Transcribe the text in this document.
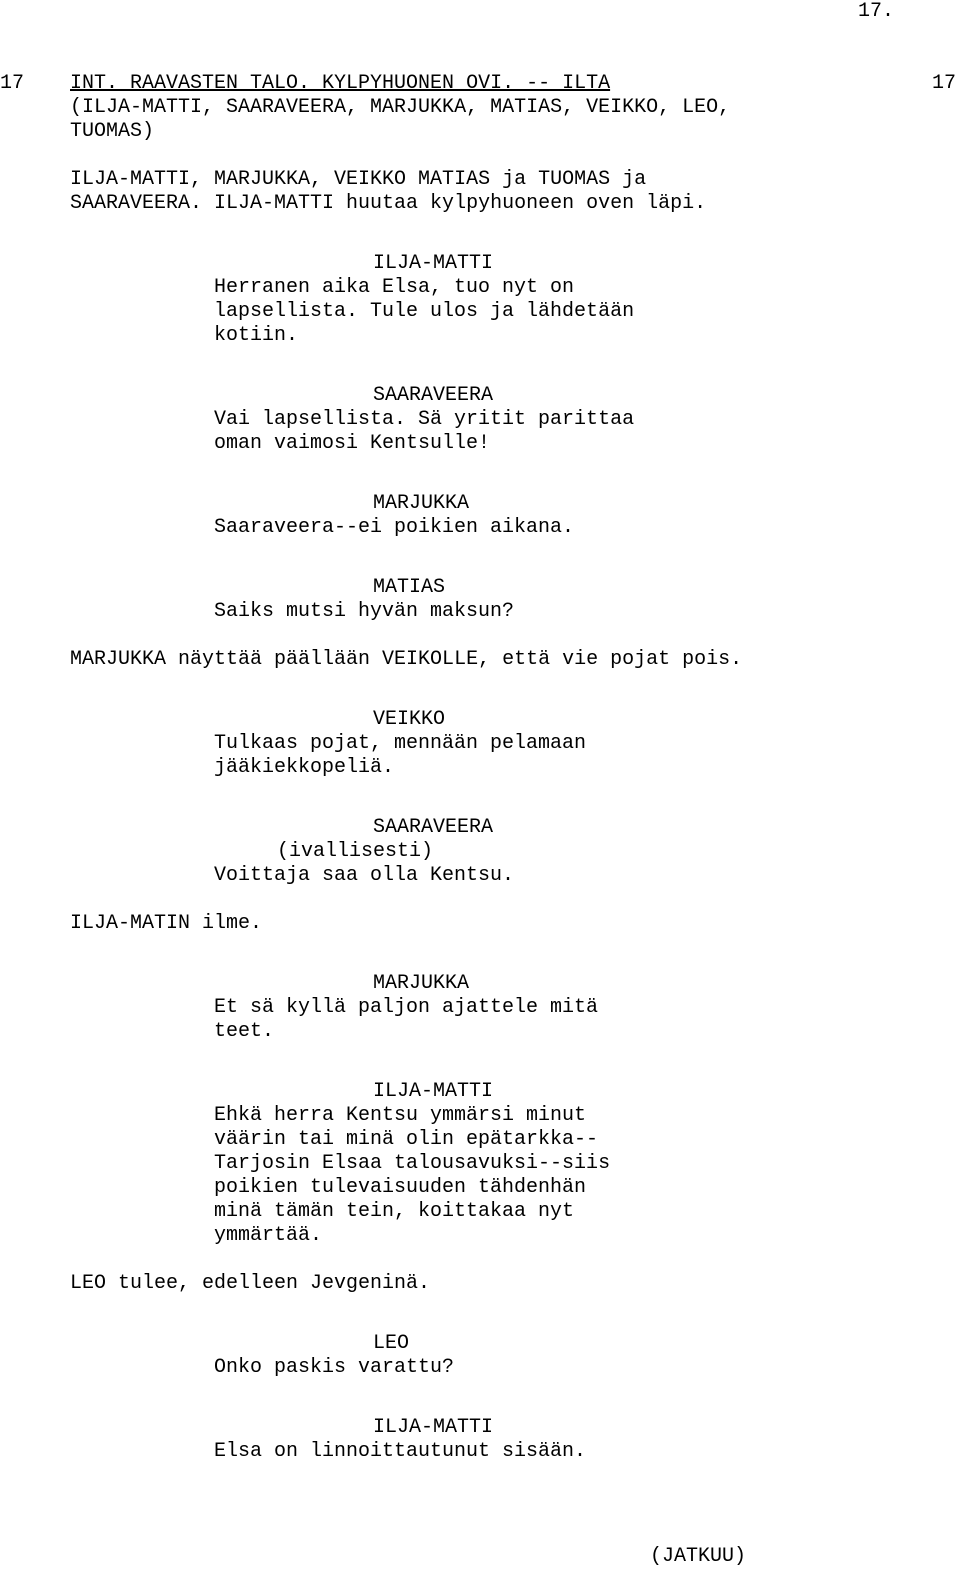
17.
17 INT. RAAVASTEN TALO. KYLPYHUONEN OVI. -- ILTA	17
(ILJA-MATTI, SAARAVEERA, MARJUKKA, MATIAS, VEIKKO, LEO,
TUOMAS)
ILJA-MATTI, MARJUKKA, VEIKKO MATIAS ja TUOMAS ja
SAARAVEERA. ILJA-MATTI huutaa kylpyhuoneen oven läpi.
ILJA-MATTI
Herranen aika Elsa, tuo nyt on
lapsellista. Tule ulos ja lähdetään
kotiin.
SAARAVEERA
Vai lapsellista. Sä yritit parittaa
oman vaimosi Kentsulle!
MARJUKKA
Saaraveera--ei poikien aikana.
MATIAS
Saiks mutsi hyvän maksun?
MARJUKKA näyttää päällään VEIKOLLE, että vie pojat pois.
VEIKKO
Tulkaas pojat, mennään pelamaan
jääkiekkopeliä.
SAARAVEERA
(ivallisesti)
Voittaja saa olla Kentsu.
ILJA-MATIN ilme.
MARJUKKA
Et sä kyllä paljon ajattele mitä
teet.
ILJA-MATTI
Ehkä herra Kentsu ymmärsi minut
väärin tai minä olin epätarkka--
Tarjosin Elsaa talousavuksi--siis
poikien tulevaisuuden tähdenhän
minä tämän tein, koittakaa nyt
ymmärtää.
LEO tulee, edelleen Jevgeninä.
LEO
Onko paskis varattu?
ILJA-MATTI
Elsa on linnoittautunut sisään.
(JATKUU)
